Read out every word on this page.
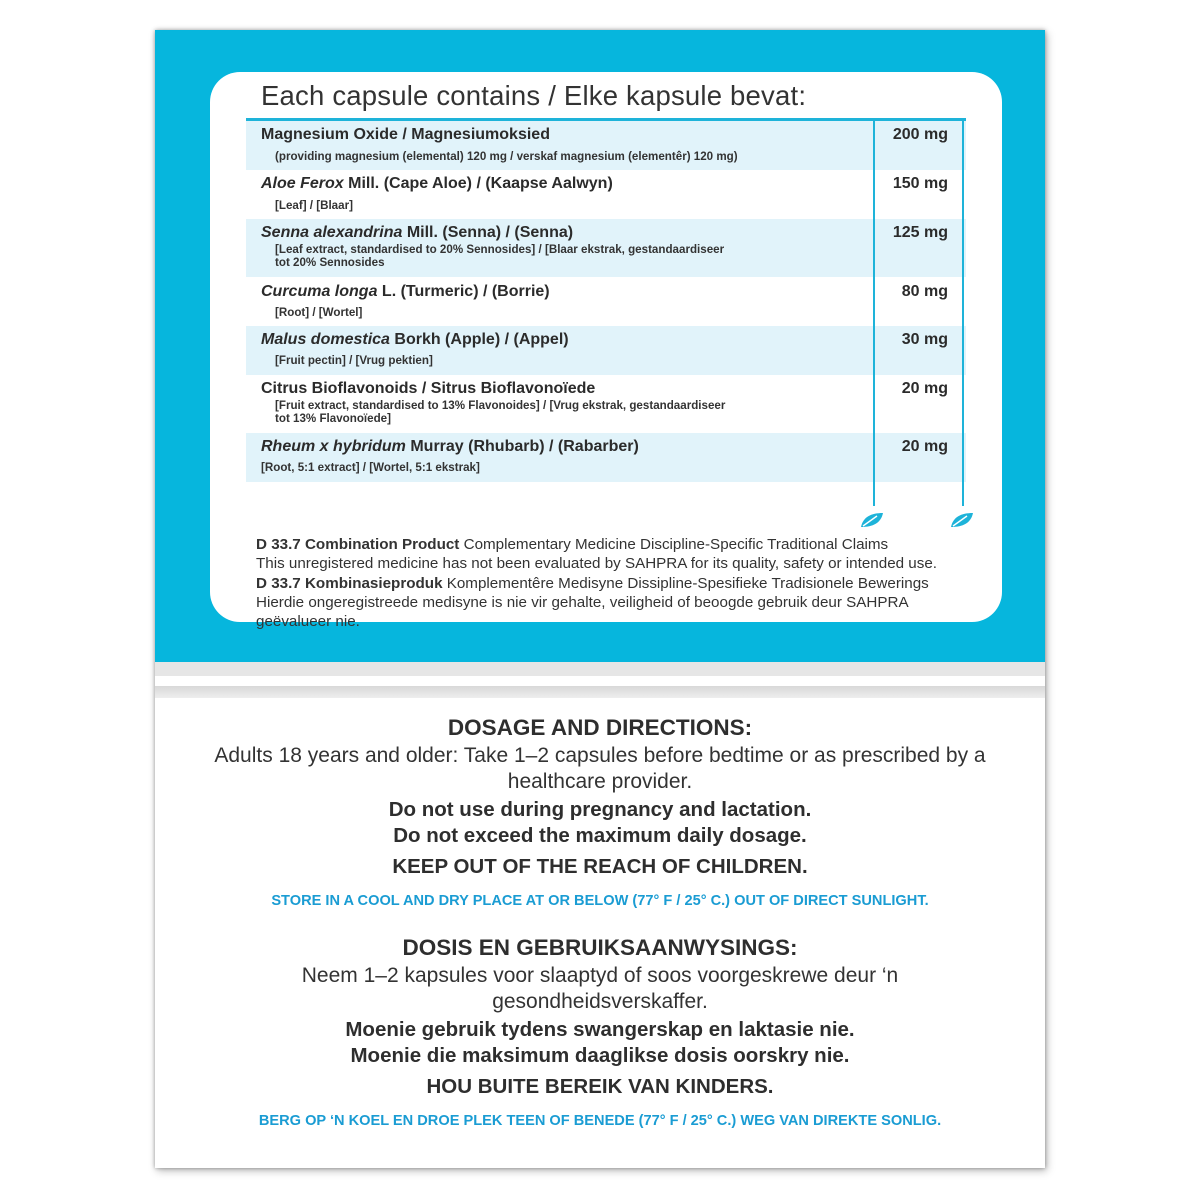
Each capsule contains / Elke kapsule bevat:
Magnesium Oxide / Magnesiumoksied
(providing magnesium (elemental) 120 mg / verskaf magnesium (elementêr) 120 mg)
200 mg
Aloe Ferox Mill. (Cape Aloe) / (Kaapse Aalwyn)
[Leaf] / [Blaar]
150 mg
Senna alexandrina Mill. (Senna) / (Senna)
[Leaf extract, standardised to 20% Sennosides] / [Blaar ekstrak, gestandaardiseer
tot 20% Sennosides
125 mg
Curcuma longa L. (Turmeric) / (Borrie)
[Root] / [Wortel]
80 mg
Malus domestica Borkh (Apple) / (Appel)
[Fruit pectin] / [Vrug pektien]
30 mg
Citrus Bioflavonoids / Sitrus Bioflavonoïede
[Fruit extract, standardised to 13% Flavonoides] / [Vrug ekstrak, gestandaardiseer
tot 13% Flavonoïede]
20 mg
Rheum x hybridum Murray (Rhubarb) / (Rabarber)
[Root, 5:1 extract] / [Wortel, 5:1 ekstrak]
20 mg

D 33.7 Combination Product Complementary Medicine Discipline-Specific Traditional Claims

This unregistered medicine has not been evaluated by SAHPRA for its quality, safety or intended use.

D 33.7 Kombinasieproduk Komplementêre Medisyne Dissipline-Spesifieke Tradisionele Bewerings

Hierdie ongeregistreede medisyne is nie vir gehalte, veiligheid of beoogde gebruik deur SAHPRA

geëvalueer nie.

DOSAGE AND DIRECTIONS:

Adults 18 years and older: Take 1–2 capsules before bedtime or as prescribed by a

healthcare provider.

Do not use during pregnancy and lactation.

Do not exceed the maximum daily dosage.

KEEP OUT OF THE REACH OF CHILDREN.

STORE IN A COOL AND DRY PLACE AT OR BELOW (77° F / 25° C.) OUT OF DIRECT SUNLIGHT.

DOSIS EN GEBRUIKSAANWYSINGS:

Neem 1–2 kapsules voor slaaptyd of soos voorgeskrewe deur ‘n

gesondheidsverskaffer.

Moenie gebruik tydens swangerskap en laktasie nie.

Moenie die maksimum daaglikse dosis oorskry nie.

HOU BUITE BEREIK VAN KINDERS.

BERG OP ‘N KOEL EN DROE PLEK TEEN OF BENEDE (77° F / 25° C.) WEG VAN DIREKTE SONLIG.
